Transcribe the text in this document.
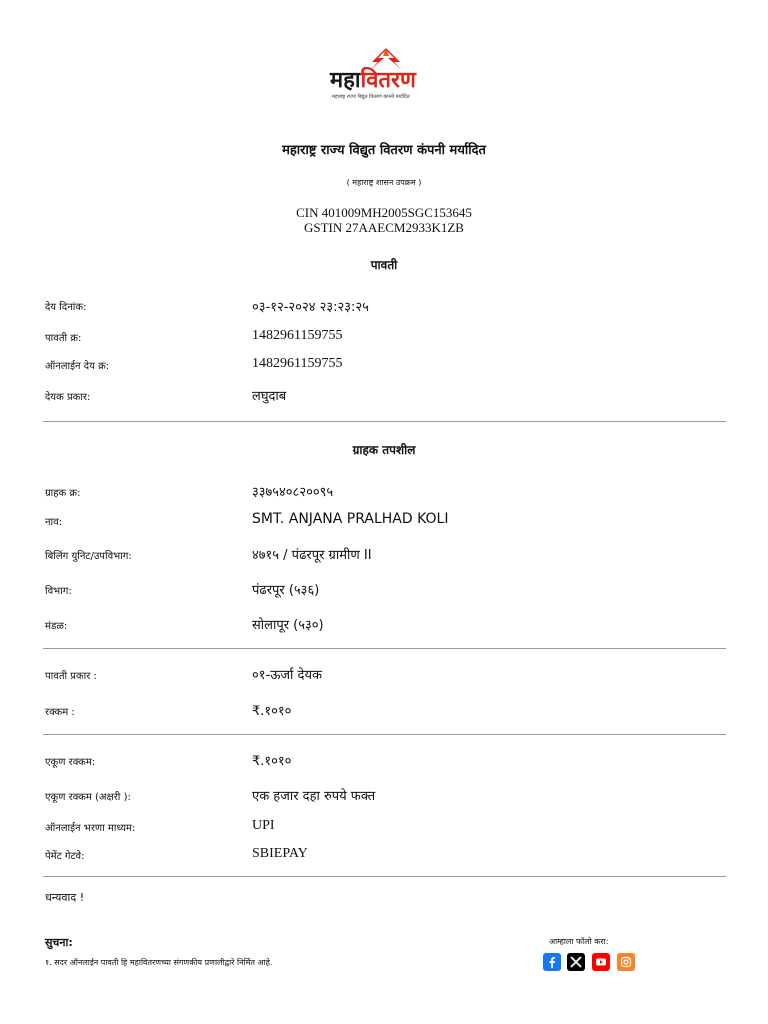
महावितरण
महाराष्ट्र राज्य विद्युत वितरण कंपनी मर्यादित
महाराष्ट्र राज्य विद्युत वितरण कंपनी मर्यादित
( महाराष्ट्र शासन उपक्रम )
CIN 401009MH2005SGC153645
GSTIN 27AAECM2933K1ZB
पावती
देय दिनांक:	०३-१२-२०२४ २३:२३:२५
पावती क्र:	1482961159755
ऑनलाईन देय क्र:	1482961159755
देयक प्रकार:	लघुदाब
ग्राहक तपशील
ग्राहक क्र:	३३७५४०८२००९५
नाव:	SMT. ANJANA PRALHAD KOLI
बिलिंग युनिट/उपविभाग:	४७१५ / पंढरपूर ग्रामीण II
विभाग:	पंढरपूर (५३६)
मंडळ:	सोलापूर (५३०)
पावती प्रकार :	०१-ऊर्जा देयक
रक्कम :	₹.१०१०
एकूण रक्कम:	₹.१०१०
एकूण रक्कम (अक्षरी ):	एक हजार दहा रुपये फक्त
ऑनलाईन भरणा माध्यम:	UPI
पेमेंट गेटवे:	SBIEPAY
धन्यवाद !
सुचना:
१. सदर ऑनलाईन पावती हि महावितरणच्या संगणकीय प्रणालीद्वारे निर्मित आहे.
आम्हाला फॉलो करा:
